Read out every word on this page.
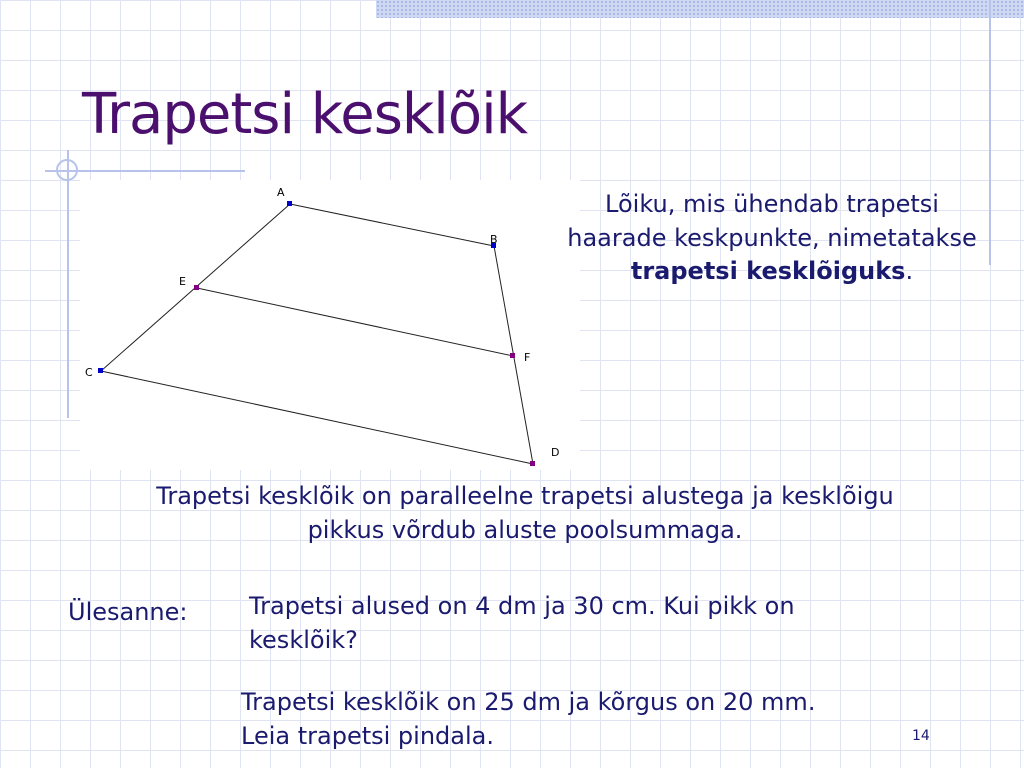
Trapetsi kesklõik
A
B
C
D
E
F

Lõiku, mis ühendab trapetsi haarade keskpunkte, nimetatakse trapetsi kesklõiguks.

Trapetsi kesklõik on paralleelne trapetsi alustega ja kesklõigu pikkus võrdub aluste poolsummaga.

Ülesanne:	Trapetsi alused on 4 dm ja 30 cm. Kui pikk on kesklõik?

Trapetsi kesklõik on 25 dm ja kõrgus on 20 mm. Leia trapetsi pindala.	14
